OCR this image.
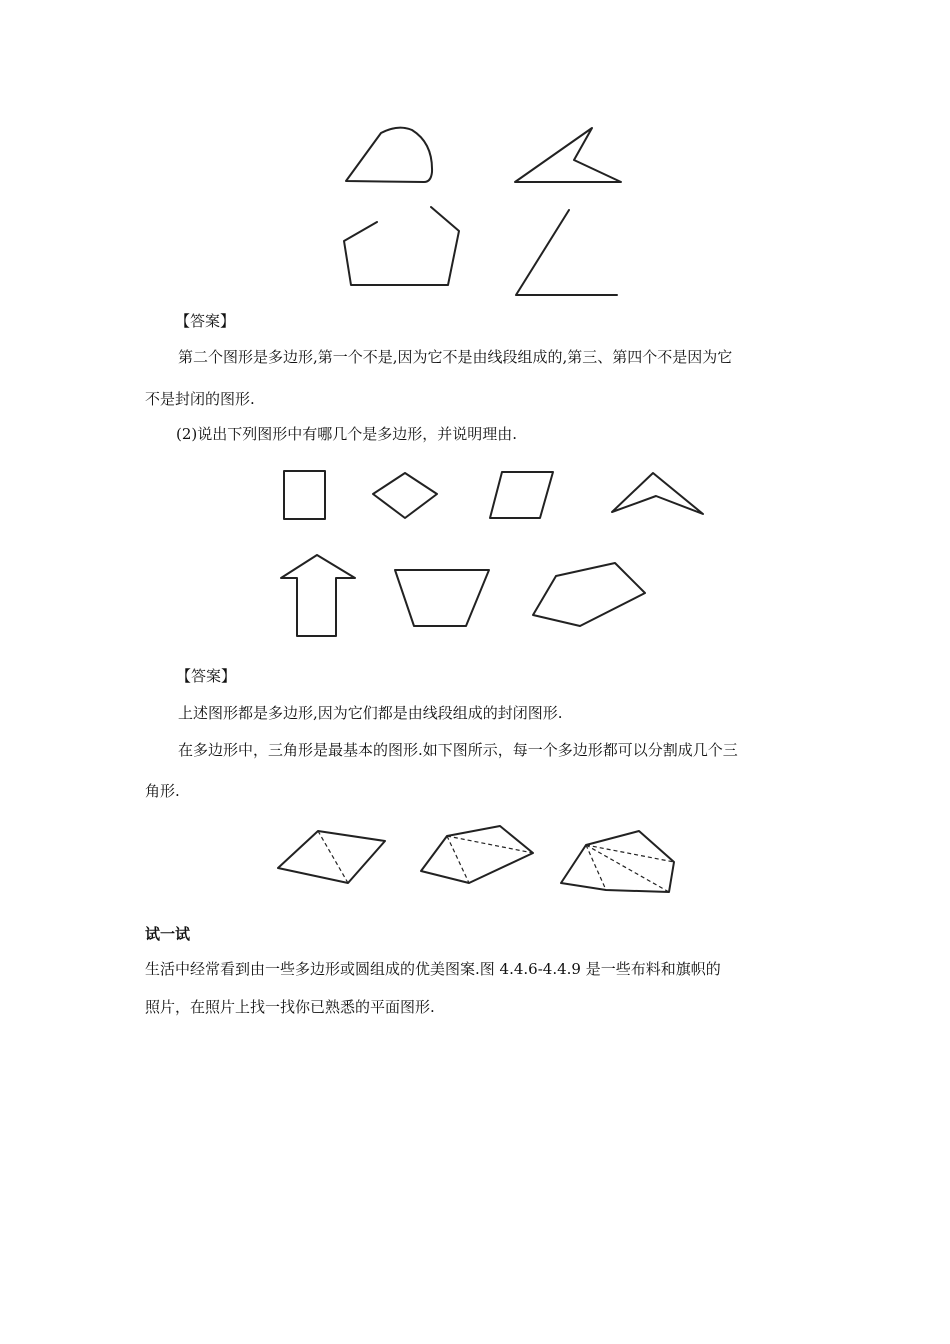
【答案】
第二个图形是多边形,第一个不是,因为它不是由线段组成的,第三、第四个不是因为它
不是封闭的图形.
(2)说出下列图形中有哪几个是多边形，并说明理由.
【答案】
上述图形都是多边形,因为它们都是由线段组成的封闭图形.
在多边形中，三角形是最基本的图形.如下图所示，每一个多边形都可以分割成几个三
角形.
试一试
生活中经常看到由一些多边形或圆组成的优美图案.图 4.4.6-4.4.9 是一些布料和旗帜的
照片，在照片上找一找你已熟悉的平面图形.
